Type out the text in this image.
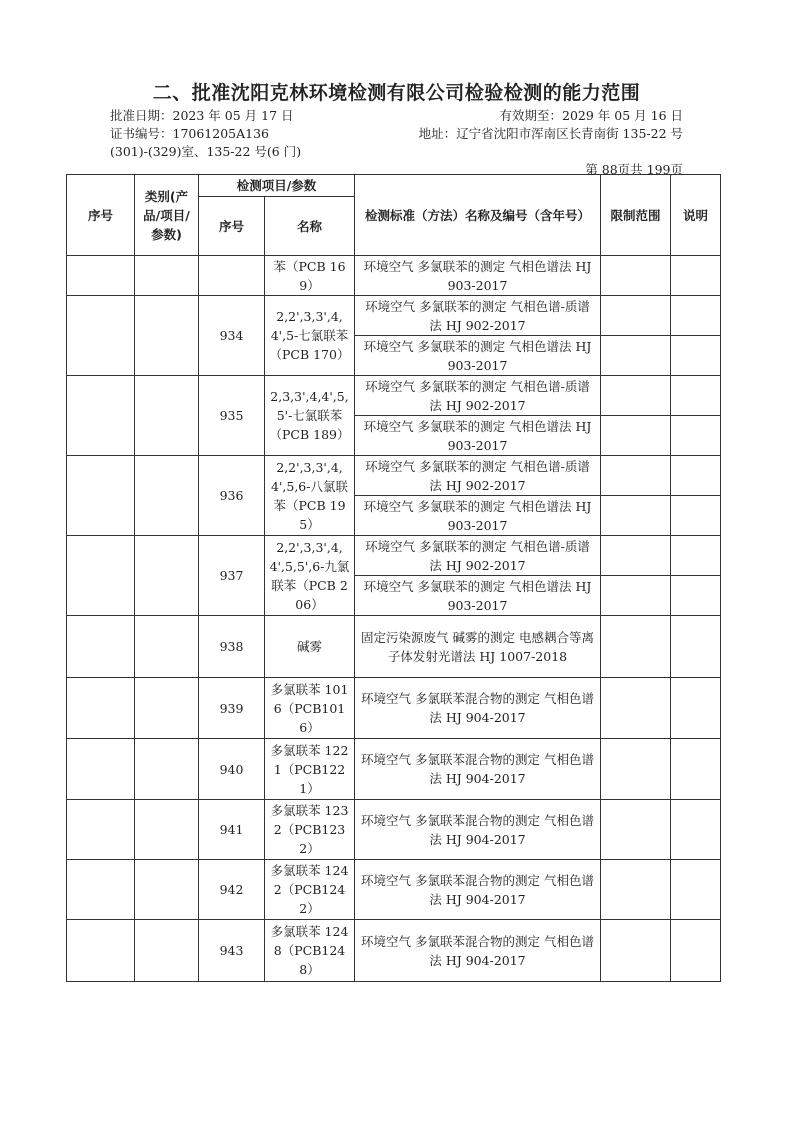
二、批准沈阳克林环境检测有限公司检验检测的能力范围
批准日期：2023 年 05 月 17 日	有效期至：2029 年 05 月 16 日
证书编号：17061205A136	地址：辽宁省沈阳市浑南区长青南街 135-22 号
(301)-(329)室、135-22 号(6 门)
第 88页共 199页
序号	类别(产品/项目/参数)	检测项目/参数		检测标准（方法）名称及编号（含年号）	限制范围	说明
		序号	名称			
			苯（PCB 169）	环境空气 多氯联苯的测定 气相色谱法 HJ 903-2017		
		934	2,2',3,3',4,4',5-七氯联苯（PCB 170）	环境空气 多氯联苯的测定 气相色谱-质谱法 HJ 902-2017		
				环境空气 多氯联苯的测定 气相色谱法 HJ 903-2017		
		935	2,3,3',4,4',5,5'-七氯联苯（PCB 189）	环境空气 多氯联苯的测定 气相色谱-质谱法 HJ 902-2017		
				环境空气 多氯联苯的测定 气相色谱法 HJ 903-2017		
		936	2,2',3,3',4,4',5,6-八氯联苯（PCB 195）	环境空气 多氯联苯的测定 气相色谱-质谱法 HJ 902-2017		
				环境空气 多氯联苯的测定 气相色谱法 HJ 903-2017		
		937	2,2',3,3',4,4',5,5',6-九氯联苯（PCB 206）	环境空气 多氯联苯的测定 气相色谱-质谱法 HJ 902-2017		
				环境空气 多氯联苯的测定 气相色谱法 HJ 903-2017		
		938	碱雾	固定污染源废气 碱雾的测定 电感耦合等离子体发射光谱法 HJ 1007-2018		
		939	多氯联苯 1016（PCB1016）	环境空气 多氯联苯混合物的测定 气相色谱法 HJ 904-2017		
		940	多氯联苯 1221（PCB1221）	环境空气 多氯联苯混合物的测定 气相色谱法 HJ 904-2017		
		941	多氯联苯 1232（PCB1232）	环境空气 多氯联苯混合物的测定 气相色谱法 HJ 904-2017		
		942	多氯联苯 1242（PCB1242）	环境空气 多氯联苯混合物的测定 气相色谱法 HJ 904-2017		
		943	多氯联苯 1248（PCB1248）	环境空气 多氯联苯混合物的测定 气相色谱法 HJ 904-2017		
